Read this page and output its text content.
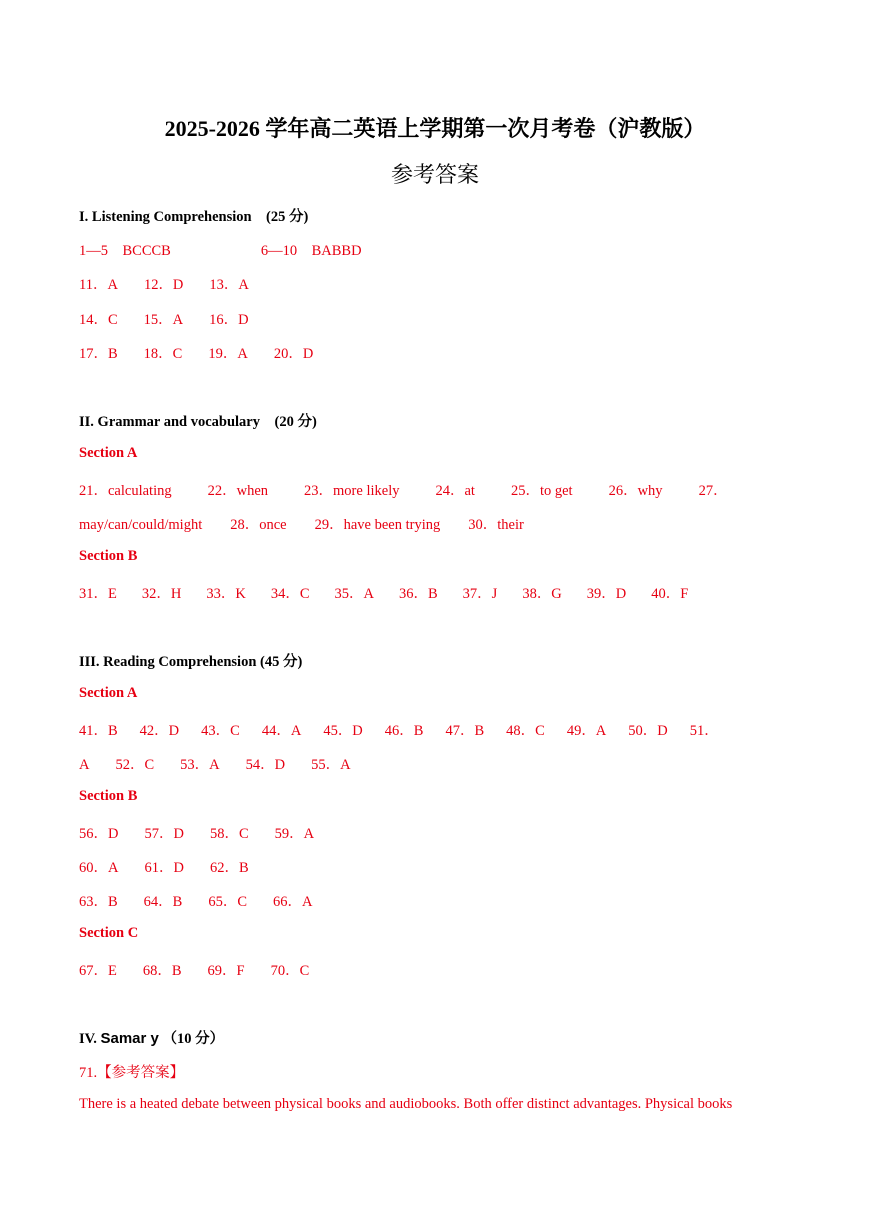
2025-2026 学年高二英语上学期第一次月考卷（沪教版）
参考答案
I. Listening Comprehension　(25 分)
1—5　BCCCB	6—10　BABBD
11．A 12．D 13．A
14．C 15．A 16．D
17．B 18．C 19．A 20．D
II. Grammar and vocabulary　(20 分)
Section A
21．calculating 22．when 23．more likely 24．at 25．to get 26．why 27．
may/can/could/might 28．once 29．have been trying 30．their
Section B
31．E 32．H 33．K 34．C 35．A 36．B 37．J 38．G 39．D 40．F
III. Reading Comprehension (45 分)
Section A
41．B 42．D 43．C 44．A 45．D 46．B 47．B 48．C 49．A 50．D 51．
A 52．C 53．A 54．D 55．A
Section B
56．D 57．D 58．C 59．A
60．A 61．D 62．B
63．B 64．B 65．C 66．A
Section C
67．E 68．B 69．F 70．C
IV. Samar y （10 分）
71.【参考答案】
There is a heated debate between physical books and audiobooks. Both offer distinct advantages. Physical books
